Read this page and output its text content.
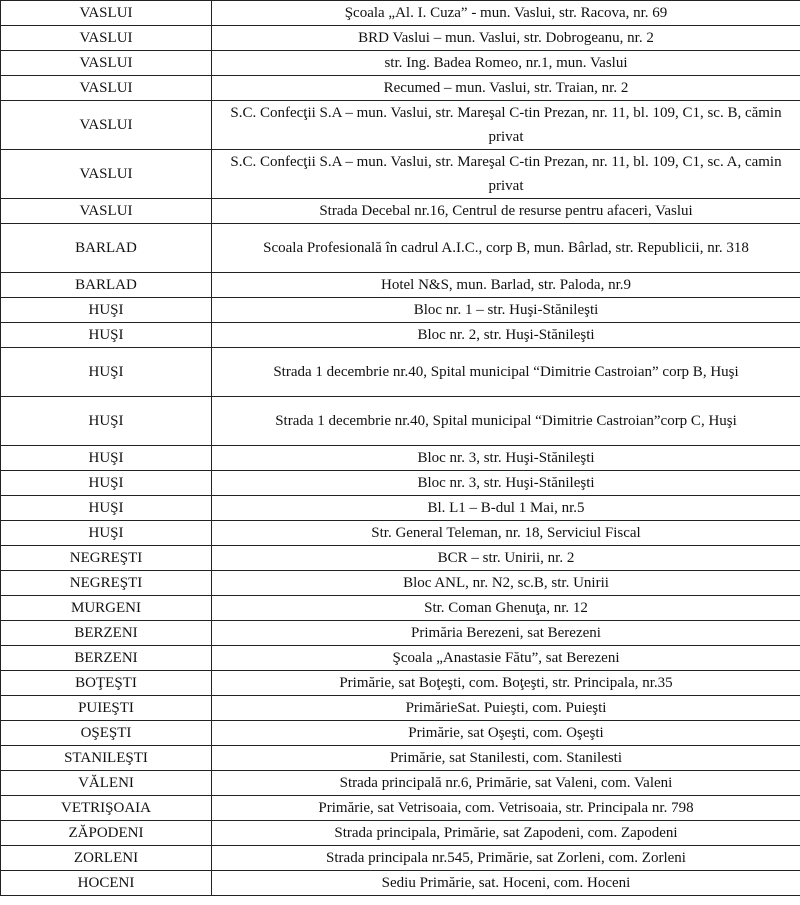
VASLUI	Şcoala „Al. I. Cuza” - mun. Vaslui, str. Racova, nr. 69
VASLUI	BRD Vaslui – mun. Vaslui, str. Dobrogeanu, nr. 2
VASLUI	str. Ing. Badea Romeo, nr.1, mun. Vaslui
VASLUI	Recumed – mun. Vaslui, str. Traian, nr. 2
VASLUI	S.C. Confecţii S.A – mun. Vaslui, str. Mareşal C-tin Prezan, nr. 11, bl. 109, C1, sc. B, cămin privat
VASLUI	S.C. Confecţii S.A – mun. Vaslui, str. Mareşal C-tin Prezan, nr. 11, bl. 109, C1, sc. A, camin privat
VASLUI	Strada Decebal nr.16, Centrul de resurse pentru afaceri, Vaslui
BARLAD	Scoala Profesională în cadrul A.I.C., corp B, mun. Bârlad, str. Republicii, nr. 318
BARLAD	Hotel N&S, mun. Barlad, str. Paloda, nr.9
HUŞI	Bloc nr. 1 – str. Huşi-Stănileşti
HUŞI	Bloc nr. 2, str. Huşi-Stănileşti
HUŞI	Strada 1 decembrie nr.40, Spital municipal “Dimitrie Castroian” corp B, Huşi
HUŞI	Strada 1 decembrie nr.40, Spital municipal “Dimitrie Castroian”corp C, Huşi
HUŞI	Bloc nr. 3, str. Huşi-Stănileşti
HUŞI	Bloc nr. 3, str. Huşi-Stănileşti
HUŞI	Bl. L1 – B-dul 1 Mai, nr.5
HUŞI	Str. General Teleman, nr. 18, Serviciul Fiscal
NEGREŞTI	BCR – str. Unirii, nr. 2
NEGREŞTI	Bloc ANL, nr. N2, sc.B, str. Unirii
MURGENI	Str. Coman Ghenuţa, nr. 12
BERZENI	Primăria Berezeni, sat Berezeni
BERZENI	Şcoala „Anastasie Fătu”, sat Berezeni
BOŢEŞTI	Primărie, sat Boţeşti, com. Boţeşti, str. Principala, nr.35
PUIEŞTI	PrimărieSat. Puieşti, com. Puieşti
OŞEŞTI	Primărie, sat Oşeşti, com. Oşeşti
STANILEŞTI	Primărie, sat Stanilesti, com. Stanilesti
VĂLENI	Strada principală nr.6, Primărie, sat Valeni, com. Valeni
VETRIŞOAIA	Primărie, sat Vetrisoaia, com. Vetrisoaia, str. Principala nr. 798
ZĂPODENI	Strada principala, Primărie, sat Zapodeni, com. Zapodeni
ZORLENI	Strada principala nr.545, Primărie, sat Zorleni, com. Zorleni
HOCENI	Sediu Primărie, sat. Hoceni, com. Hoceni
